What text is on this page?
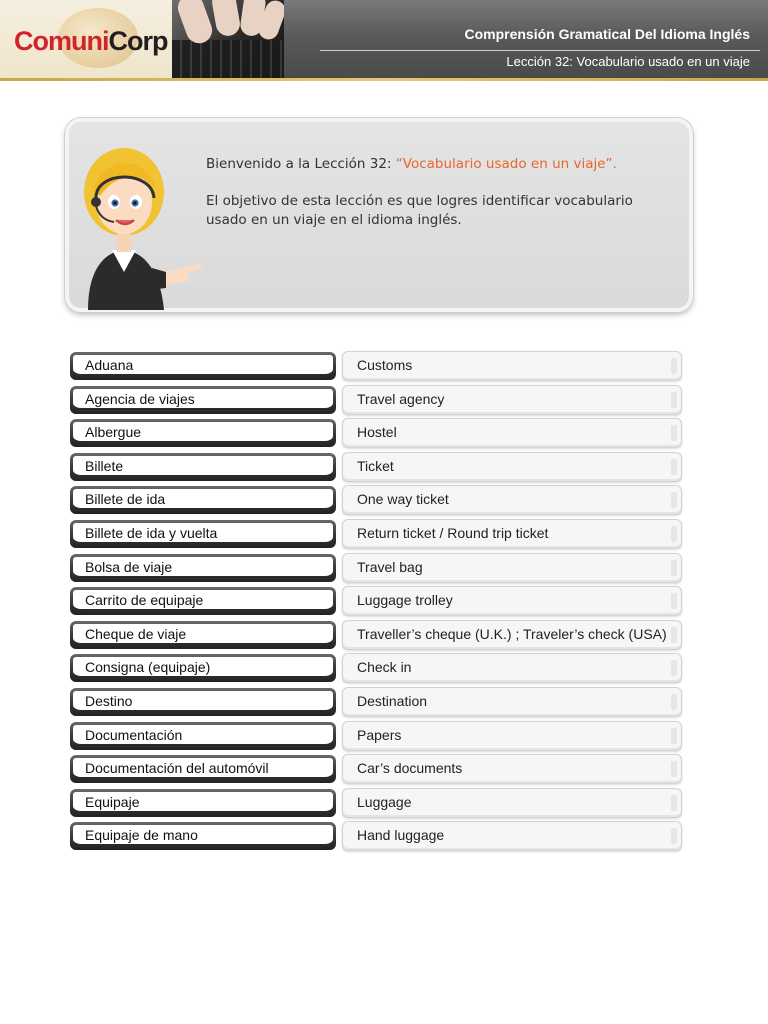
ComuniCorp	Comprensión Gramatical Del Idioma Inglés
Lección 32: Vocabulario usado en un viaje

Bienvenido a la Lección 32: “Vocabulario usado en un viaje”.

El objetivo de esta lección es que logres identificar vocabulario usado en un viaje en el idioma inglés.

Aduana	Customs
Agencia de viajes	Travel agency
Albergue	Hostel
Billete	Ticket
Billete de ida	One way ticket
Billete de ida y vuelta	Return ticket / Round trip ticket
Bolsa de viaje	Travel bag
Carrito de equipaje	Luggage trolley
Cheque de viaje	Traveller’s cheque (U.K.) ; Traveler’s check (USA)
Consigna (equipaje)	Check in
Destino	Destination
Documentación	Papers
Documentación del automóvil	Car’s documents
Equipaje	Luggage
Equipaje de mano	Hand luggage
